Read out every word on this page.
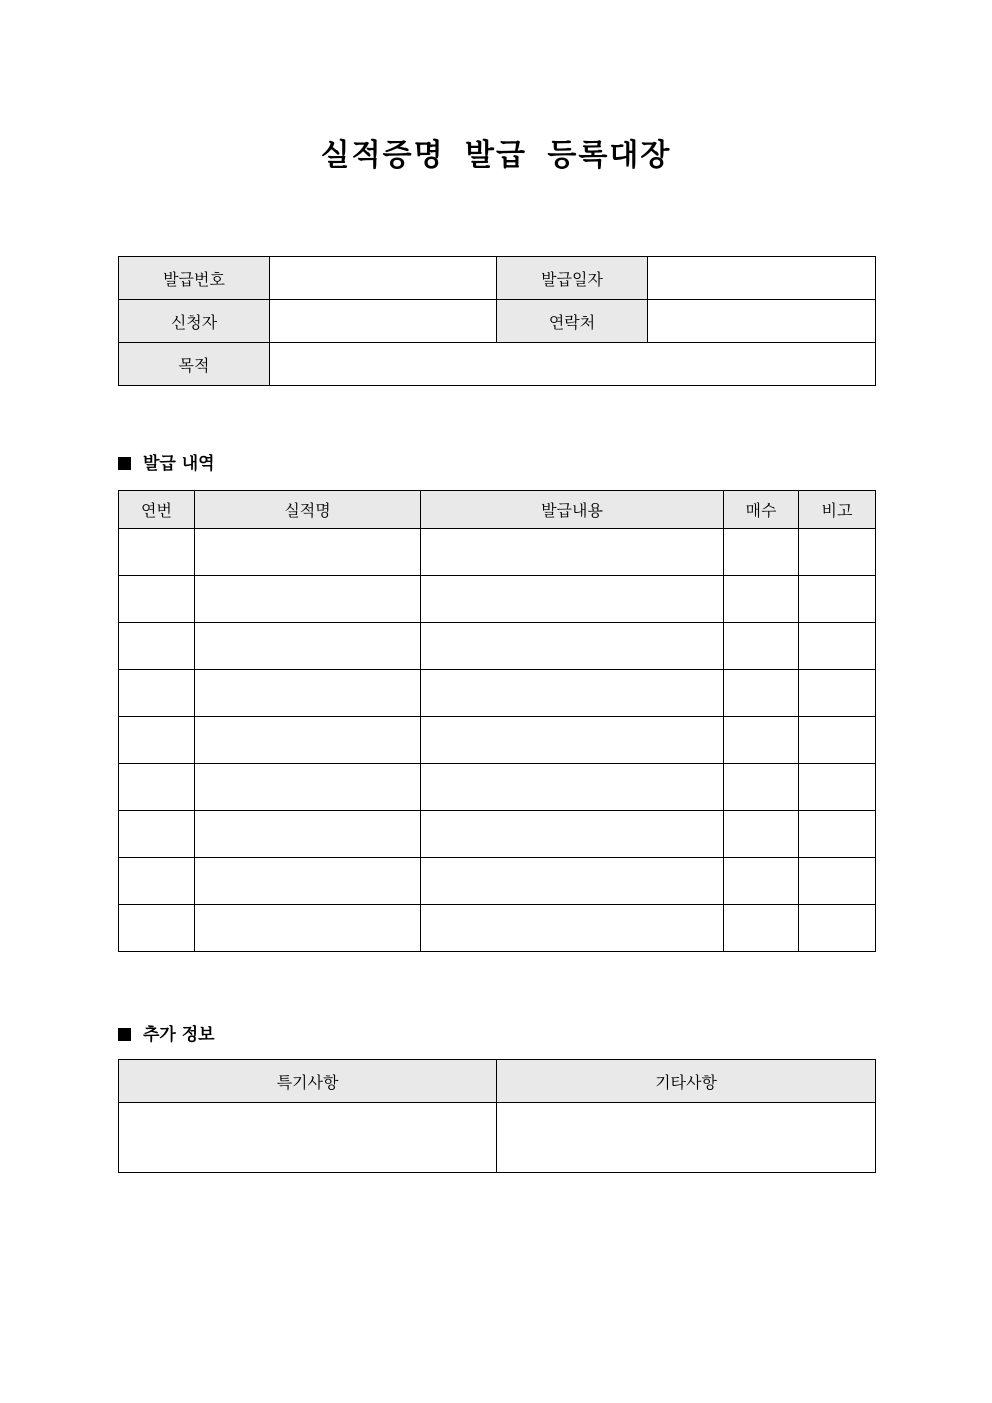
실적증명 발급 등록대장
발급번호		발급일자	
신청자		연락처	
목적			
발급 내역
연번	실적명	발급내용	매수	비고

추가 정보
특기사항	기타사항
